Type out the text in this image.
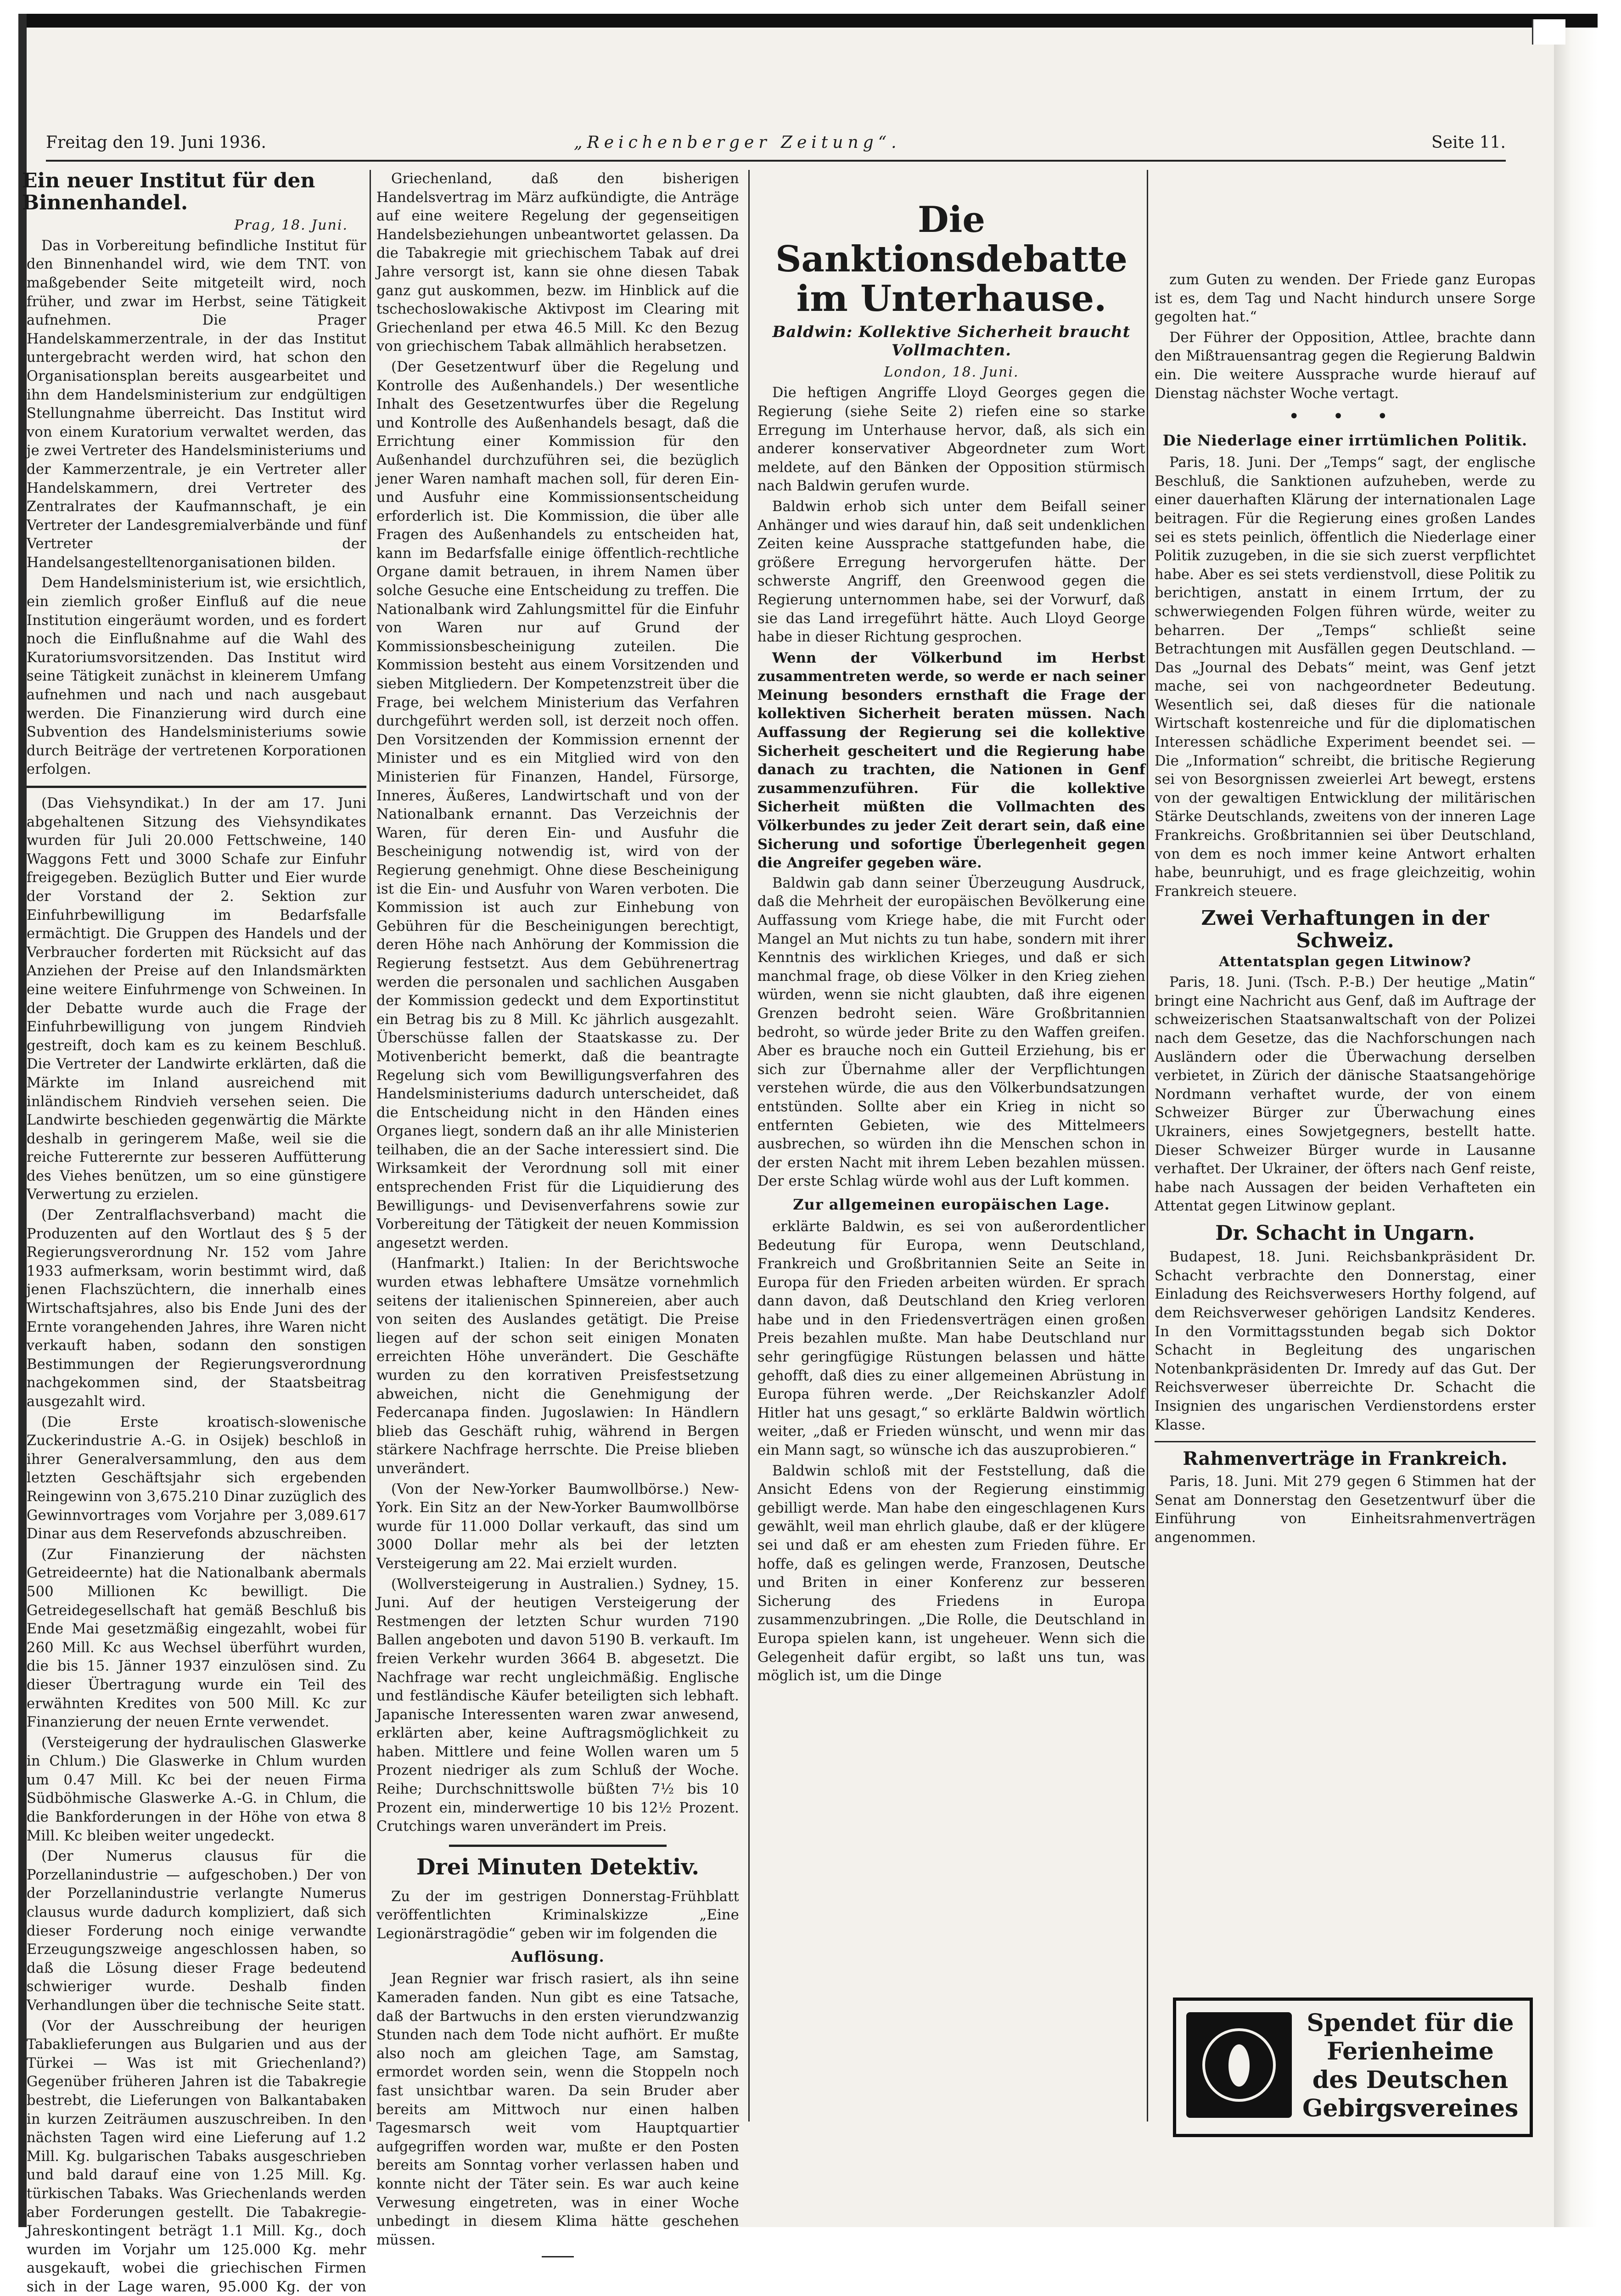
Freitag den 19. Juni 1936.	„Reichenberger Zeitung“.	Seite 11.
Ein neuer Institut für den Binnenhandel.
Prag, 18. Juni.

Das in Vorbereitung befindliche Institut für den Binnenhandel wird, wie dem TNT. von maßgebender Seite mitgeteilt wird, noch früher, und zwar im Herbst, seine Tätigkeit aufnehmen. Die Prager Handelskammerzentrale, in der das Institut untergebracht werden wird, hat schon den Organisationsplan bereits ausgearbeitet und ihn dem Handelsministerium zur endgültigen Stellungnahme überreicht. Das Institut wird von einem Kuratorium verwaltet werden, das je zwei Vertreter des Handelsministeriums und der Kammerzentrale, je ein Vertreter aller Handelskammern, drei Vertreter des Zentralrates der Kaufmannschaft, je ein Vertreter der Landesgremialverbände und fünf Vertreter der Handelsangestelltenorganisationen bilden.

Dem Handelsministerium ist, wie ersichtlich, ein ziemlich großer Einfluß auf die neue Institution eingeräumt worden, und es fordert noch die Einflußnahme auf die Wahl des Kuratoriumsvorsitzenden. Das Institut wird seine Tätigkeit zunächst in kleinerem Umfang aufnehmen und nach und nach ausgebaut werden. Die Finanzierung wird durch eine Subvention des Handelsministeriums sowie durch Beiträge der vertretenen Korporationen erfolgen.

(Das Viehsyndikat.) In der am 17. Juni abgehaltenen Sitzung des Viehsyndikates wurden für Juli 20.000 Fettschweine, 140 Waggons Fett und 3000 Schafe zur Einfuhr freigegeben. Bezüglich Butter und Eier wurde der Vorstand der 2. Sektion zur Einfuhrbewilligung im Bedarfsfalle ermächtigt. Die Gruppen des Handels und der Verbraucher forderten mit Rücksicht auf das Anziehen der Preise auf den Inlandsmärkten eine weitere Einfuhrmenge von Schweinen. In der Debatte wurde auch die Frage der Einfuhrbewilligung von jungem Rindvieh gestreift, doch kam es zu keinem Beschluß. Die Vertreter der Landwirte erklärten, daß die Märkte im Inland ausreichend mit inländischem Rindvieh versehen seien. Die Landwirte beschieden gegenwärtig die Märkte deshalb in geringerem Maße, weil sie die reiche Futterernte zur besseren Auffütterung des Viehes benützen, um so eine günstigere Verwertung zu erzielen.

(Der Zentralflachsverband) macht die Produzenten auf den Wortlaut des § 5 der Regierungsverordnung Nr. 152 vom Jahre 1933 aufmerksam, worin bestimmt wird, daß jenen Flachszüchtern, die innerhalb eines Wirtschaftsjahres, also bis Ende Juni des der Ernte vorangehenden Jahres, ihre Waren nicht verkauft haben, sodann den sonstigen Bestimmungen der Regierungsverordnung nachgekommen sind, der Staatsbeitrag ausgezahlt wird.

(Die Erste kroatisch-slowenische Zuckerindustrie A.-G. in Osijek) beschloß in ihrer Generalversammlung, den aus dem letzten Geschäftsjahr sich ergebenden Reingewinn von 3,675.210 Dinar zuzüglich des Gewinnvortrages vom Vorjahre per 3,089.617 Dinar aus dem Reservefonds abzuschreiben.

(Zur Finanzierung der nächsten Getreideernte) hat die Nationalbank abermals 500 Millionen Kc bewilligt. Die Getreidegesellschaft hat gemäß Beschluß bis Ende Mai gesetzmäßig eingezahlt, wobei für 260 Mill. Kc aus Wechsel überführt wurden, die bis 15. Jänner 1937 einzulösen sind. Zu dieser Übertragung wurde ein Teil des erwähnten Kredites von 500 Mill. Kc zur Finanzierung der neuen Ernte verwendet.

(Versteigerung der hydraulischen Glaswerke in Chlum.) Die Glaswerke in Chlum wurden um 0.47 Mill. Kc bei der neuen Firma Südböhmische Glaswerke A.-G. in Chlum, die die Bankforderungen in der Höhe von etwa 8 Mill. Kc bleiben weiter ungedeckt.

(Der Numerus clausus für die Porzellanindustrie — aufgeschoben.) Der von der Porzellanindustrie verlangte Numerus clausus wurde dadurch kompliziert, daß sich dieser Forderung noch einige verwandte Erzeugungszweige angeschlossen haben, so daß die Lösung dieser Frage bedeutend schwieriger wurde. Deshalb finden Verhandlungen über die technische Seite statt.

(Vor der Ausschreibung der heurigen Tabaklieferungen aus Bulgarien und aus der Türkei — Was ist mit Griechenland?) Gegenüber früheren Jahren ist die Tabakregie bestrebt, die Lieferungen von Balkantabaken in kurzen Zeiträumen auszuschreiben. In den nächsten Tagen wird eine Lieferung auf 1.2 Mill. Kg. bulgarischen Tabaks ausgeschrieben und bald darauf eine von 1.25 Mill. Kg. türkischen Tabaks. Was Griechenlands werden aber Forderungen gestellt. Die Tabakregie-Jahreskontingent beträgt 1.1 Mill. Kg., doch wurden im Vorjahr um 125.000 Kg. mehr ausgekauft, wobei die griechischen Firmen sich in der Lage waren, 95.000 Kg. der von

Griechenland, daß den bisherigen Handelsvertrag im März aufkündigte, die Anträge auf eine weitere Regelung der gegenseitigen Handelsbeziehungen unbeantwortet gelassen. Da die Tabakregie mit griechischem Tabak auf drei Jahre versorgt ist, kann sie ohne diesen Tabak ganz gut auskommen, bezw. im Hinblick auf die tschechoslowakische Aktivpost im Clearing mit Griechenland per etwa 46.5 Mill. Kc den Bezug von griechischem Tabak allmählich herabsetzen.

(Der Gesetzentwurf über die Regelung und Kontrolle des Außenhandels.) Der wesentliche Inhalt des Gesetzentwurfes über die Regelung und Kontrolle des Außenhandels besagt, daß die Errichtung einer Kommission für den Außenhandel durchzuführen sei, die bezüglich jener Waren namhaft machen soll, für deren Ein- und Ausfuhr eine Kommissionsentscheidung erforderlich ist. Die Kommission, die über alle Fragen des Außenhandels zu entscheiden hat, kann im Bedarfsfalle einige öffentlich-rechtliche Organe damit betrauen, in ihrem Namen über solche Gesuche eine Entscheidung zu treffen. Die Nationalbank wird Zahlungsmittel für die Einfuhr von Waren nur auf Grund der Kommissionsbescheinigung zuteilen. Die Kommission besteht aus einem Vorsitzenden und sieben Mitgliedern. Der Kompetenzstreit über die Frage, bei welchem Ministerium das Verfahren durchgeführt werden soll, ist derzeit noch offen. Den Vorsitzenden der Kommission ernennt der Minister und es ein Mitglied wird von den Ministerien für Finanzen, Handel, Fürsorge, Inneres, Äußeres, Landwirtschaft und von der Nationalbank ernannt. Das Verzeichnis der Waren, für deren Ein- und Ausfuhr die Bescheinigung notwendig ist, wird von der Regierung genehmigt. Ohne diese Bescheinigung ist die Ein- und Ausfuhr von Waren verboten. Die Kommission ist auch zur Einhebung von Gebühren für die Bescheinigungen berechtigt, deren Höhe nach Anhörung der Kommission die Regierung festsetzt. Aus dem Gebührenertrag werden die personalen und sachlichen Ausgaben der Kommission gedeckt und dem Exportinstitut ein Betrag bis zu 8 Mill. Kc jährlich ausgezahlt. Überschüsse fallen der Staatskasse zu. Der Motivenbericht bemerkt, daß die beantragte Regelung sich vom Bewilligungsverfahren des Handelsministeriums dadurch unterscheidet, daß die Entscheidung nicht in den Händen eines Organes liegt, sondern daß an ihr alle Ministerien teilhaben, die an der Sache interessiert sind. Die Wirksamkeit der Verordnung soll mit einer entsprechenden Frist für die Liquidierung des Bewilligungs- und Devisenverfahrens sowie zur Vorbereitung der Tätigkeit der neuen Kommission angesetzt werden.

(Hanfmarkt.) Italien: In der Berichtswoche wurden etwas lebhaftere Umsätze vornehmlich seitens der italienischen Spinnereien, aber auch von seiten des Auslandes getätigt. Die Preise liegen auf der schon seit einigen Monaten erreichten Höhe unverändert. Die Geschäfte wurden zu den korrativen Preisfestsetzung abweichen, nicht die Genehmigung der Federcanapa finden. Jugoslawien: In Händlern blieb das Geschäft ruhig, während in Bergen stärkere Nachfrage herrschte. Die Preise blieben unverändert.

(Von der New-Yorker Baumwollbörse.) New-York. Ein Sitz an der New-Yorker Baumwollbörse wurde für 11.000 Dollar verkauft, das sind um 3000 Dollar mehr als bei der letzten Versteigerung am 22. Mai erzielt wurden.

(Wollversteigerung in Australien.) Sydney, 15. Juni. Auf der heutigen Versteigerung der Restmengen der letzten Schur wurden 7190 Ballen angeboten und davon 5190 B. verkauft. Im freien Verkehr wurden 3664 B. abgesetzt. Die Nachfrage war recht ungleichmäßig. Englische und festländische Käufer beteiligten sich lebhaft. Japanische Interessenten waren zwar anwesend, erklärten aber, keine Auftragsmöglichkeit zu haben. Mittlere und feine Wollen waren um 5 Prozent niedriger als zum Schluß der Woche. Reihe; Durchschnittswolle büßten 7½ bis 10 Prozent ein, minderwertige 10 bis 12½ Prozent. Crutchings waren unverändert im Preis.

Drei Minuten Detektiv.

Zu der im gestrigen Donnerstag-Frühblatt veröffentlichten Kriminalskizze „Eine Legionärstragödie“ geben wir im folgenden die

Auflösung.

Jean Regnier war frisch rasiert, als ihn seine Kameraden fanden. Nun gibt es eine Tatsache, daß der Bartwuchs in den ersten vierundzwanzig Stunden nach dem Tode nicht aufhört. Er mußte also noch am gleichen Tage, am Samstag, ermordet worden sein, wenn die Stoppeln noch fast unsichtbar waren. Da sein Bruder aber bereits am Mittwoch nur einen halben Tagesmarsch weit vom Hauptquartier aufgegriffen worden war, mußte er den Posten bereits am Sonntag vorher verlassen haben und konnte nicht der Täter sein. Es war auch keine Verwesung eingetreten, was in einer Woche unbedingt in diesem Klima hätte geschehen müssen.

Die Sanktionsdebatte im Unterhause.
Baldwin: Kollektive Sicherheit braucht Vollmachten.
London, 18. Juni.

Die heftigen Angriffe Lloyd Georges gegen die Regierung (siehe Seite 2) riefen eine so starke Erregung im Unterhause hervor, daß, als sich ein anderer konservativer Abgeordneter zum Wort meldete, auf den Bänken der Opposition stürmisch nach Baldwin gerufen wurde.

Baldwin erhob sich unter dem Beifall seiner Anhänger und wies darauf hin, daß seit undenklichen Zeiten keine Aussprache stattgefunden habe, die größere Erregung hervorgerufen hätte. Der schwerste Angriff, den Greenwood gegen die Regierung unternommen habe, sei der Vorwurf, daß sie das Land irregeführt hätte. Auch Lloyd George habe in dieser Richtung gesprochen.

Wenn der Völkerbund im Herbst zusammentreten werde, so werde er nach seiner Meinung besonders ernsthaft die Frage der kollektiven Sicherheit beraten müssen. Nach Auffassung der Regierung sei die kollektive Sicherheit gescheitert und die Regierung habe danach zu trachten, die Nationen in Genf zusammenzuführen. Für die kollektive Sicherheit müßten die Vollmachten des Völkerbundes zu jeder Zeit derart sein, daß eine Sicherung und sofortige Überlegenheit gegen die Angreifer gegeben wäre.

Baldwin gab dann seiner Überzeugung Ausdruck, daß die Mehrheit der europäischen Bevölkerung eine Auffassung vom Kriege habe, die mit Furcht oder Mangel an Mut nichts zu tun habe, sondern mit ihrer Kenntnis des wirklichen Krieges, und daß er sich manchmal frage, ob diese Völker in den Krieg ziehen würden, wenn sie nicht glaubten, daß ihre eigenen Grenzen bedroht seien. Wäre Großbritannien bedroht, so würde jeder Brite zu den Waffen greifen. Aber es brauche noch ein Gutteil Erziehung, bis er sich zur Übernahme aller der Verpflichtungen verstehen würde, die aus den Völkerbundsatzungen entstünden. Sollte aber ein Krieg in nicht so entfernten Gebieten, wie des Mittelmeers ausbrechen, so würden ihn die Menschen schon in der ersten Nacht mit ihrem Leben bezahlen müssen. Der erste Schlag würde wohl aus der Luft kommen.

Zur allgemeinen europäischen Lage.

erklärte Baldwin, es sei von außerordentlicher Bedeutung für Europa, wenn Deutschland, Frankreich und Großbritannien Seite an Seite in Europa für den Frieden arbeiten würden. Er sprach dann davon, daß Deutschland den Krieg verloren habe und in den Friedensverträgen einen großen Preis bezahlen mußte. Man habe Deutschland nur sehr geringfügige Rüstungen belassen und hätte gehofft, daß dies zu einer allgemeinen Abrüstung in Europa führen werde. „Der Reichskanzler Adolf Hitler hat uns gesagt,“ so erklärte Baldwin wörtlich weiter, „daß er Frieden wünscht, und wenn mir das ein Mann sagt, so wünsche ich das auszuprobieren.“

Baldwin schloß mit der Feststellung, daß die Ansicht Edens von der Regierung einstimmig gebilligt werde. Man habe den eingeschlagenen Kurs gewählt, weil man ehrlich glaube, daß er der klügere sei und daß er am ehesten zum Frieden führe. Er hoffe, daß es gelingen werde, Franzosen, Deutsche und Briten in einer Konferenz zur besseren Sicherung des Friedens in Europa zusammenzubringen. „Die Rolle, die Deutschland in Europa spielen kann, ist ungeheuer. Wenn sich die Gelegenheit dafür ergibt, so laßt uns tun, was möglich ist, um die Dinge

zum Guten zu wenden. Der Friede ganz Europas ist es, dem Tag und Nacht hindurch unsere Sorge gegolten hat.“

Der Führer der Opposition, Attlee, brachte dann den Mißtrauensantrag gegen die Regierung Baldwin ein. Die weitere Aussprache wurde hierauf auf Dienstag nächster Woche vertagt.

• • •
Die Niederlage einer irrtümlichen Politik.

Paris, 18. Juni. Der „Temps“ sagt, der englische Beschluß, die Sanktionen aufzuheben, werde zu einer dauerhaften Klärung der internationalen Lage beitragen. Für die Regierung eines großen Landes sei es stets peinlich, öffentlich die Niederlage einer Politik zuzugeben, in die sie sich zuerst verpflichtet habe. Aber es sei stets verdienstvoll, diese Politik zu berichtigen, anstatt in einem Irrtum, der zu schwerwiegenden Folgen führen würde, weiter zu beharren. Der „Temps“ schließt seine Betrachtungen mit Ausfällen gegen Deutschland. — Das „Journal des Debats“ meint, was Genf jetzt mache, sei von nachgeordneter Bedeutung. Wesentlich sei, daß dieses für die nationale Wirtschaft kostenreiche und für die diplomatischen Interessen schädliche Experiment beendet sei. — Die „Information“ schreibt, die britische Regierung sei von Besorgnissen zweierlei Art bewegt, erstens von der gewaltigen Entwicklung der militärischen Stärke Deutschlands, zweitens von der inneren Lage Frankreichs. Großbritannien sei über Deutschland, von dem es noch immer keine Antwort erhalten habe, beunruhigt, und es frage gleichzeitig, wohin Frankreich steuere.

Zwei Verhaftungen in der Schweiz.
Attentatsplan gegen Litwinow?

Paris, 18. Juni. (Tsch. P.-B.) Der heutige „Matin“ bringt eine Nachricht aus Genf, daß im Auftrage der schweizerischen Staatsanwaltschaft von der Polizei nach dem Gesetze, das die Nachforschungen nach Ausländern oder die Überwachung derselben verbietet, in Zürich der dänische Staatsangehörige Nordmann verhaftet wurde, der von einem Schweizer Bürger zur Überwachung eines Ukrainers, eines Sowjetgegners, bestellt hatte. Dieser Schweizer Bürger wurde in Lausanne verhaftet. Der Ukrainer, der öfters nach Genf reiste, habe nach Aussagen der beiden Verhafteten ein Attentat gegen Litwinow geplant.

Dr. Schacht in Ungarn.

Budapest, 18. Juni. Reichsbankpräsident Dr. Schacht verbrachte den Donnerstag, einer Einladung des Reichsverwesers Horthy folgend, auf dem Reichsverweser gehörigen Landsitz Kenderes. In den Vormittagsstunden begab sich Doktor Schacht in Begleitung des ungarischen Notenbankpräsidenten Dr. Imredy auf das Gut. Der Reichsverweser überreichte Dr. Schacht die Insignien des ungarischen Verdienstordens erster Klasse.

Rahmenverträge in Frankreich.

Paris, 18. Juni. Mit 279 gegen 6 Stimmen hat der Senat am Donnerstag den Gesetzentwurf über die Einführung von Einheitsrahmenverträgen angenommen.

Spendet für die
Ferienheime
des Deutschen
Gebirgsvereines
